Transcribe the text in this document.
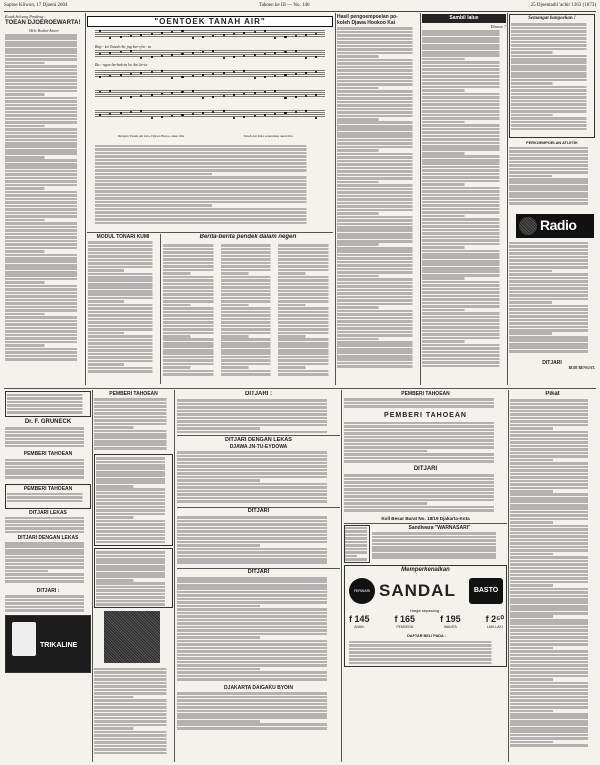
Saptoe Kliwon, 17 Djoeni 2604	Tahoen ke III — No. 146	25 Djoemadil 'achir 1363 (1873)
Kotak Seloeng Pendeng :
TOEAN DJOEROEWARTA!
Oleh: Boeken Ameer.
"OENTOEK TANAH AIR"
Bng - kit Tanah Air jng ber-tjin - ta
Ba - ngoe ba-bak-ta ko Ani ke-ta
Dengan Tanah Air kita, Djawa Baroe, akan tiba	Tanah Air Kita senantiasa akan tiba
MODUL TONARI KUMI	Berita-berita pendek dalam negeri
Hasil pengoempoelan po-
koleh Djawa Hookoo Kai
Sambil lalue
Elmaoe ?
Semangat bangoekan !
PERKOEMPOELAN ATLETIK
Radio
DITJARI
BUDI BENSJAT.
Dr. F. GRUNECK
PEMBERI TAHOEAN
PEMBERI TAHOEAN
DITJARI LEKAS
DITJARI DENGAN LEKAS
DITJARI :
TRIKALINE
PEMBERI TAHOEAN	DITJARI :
DITJARI DENGAN LEKAS
DJAWA JN-TU-EYDOWA
DITJARI
DITJARI
DJAKARTA DAIGAKU BYOIN
PEMBERI TAHOEAN
PEMBERI TAHOEAN
DITJARI
Koll Besar Barat No. 18/19 Djakarta-Kota
Sandiwara "WARNASARI"
Memperkenalkan
FERWARI SANDAL	BASTO
Harga sepasang :
f 145
ANAK²
f 165
PEMOEDA
f 195
WANITA
f 2⁵⁰
LAKI-LAKI
DAFTAR BELI PADA :
Pikat
